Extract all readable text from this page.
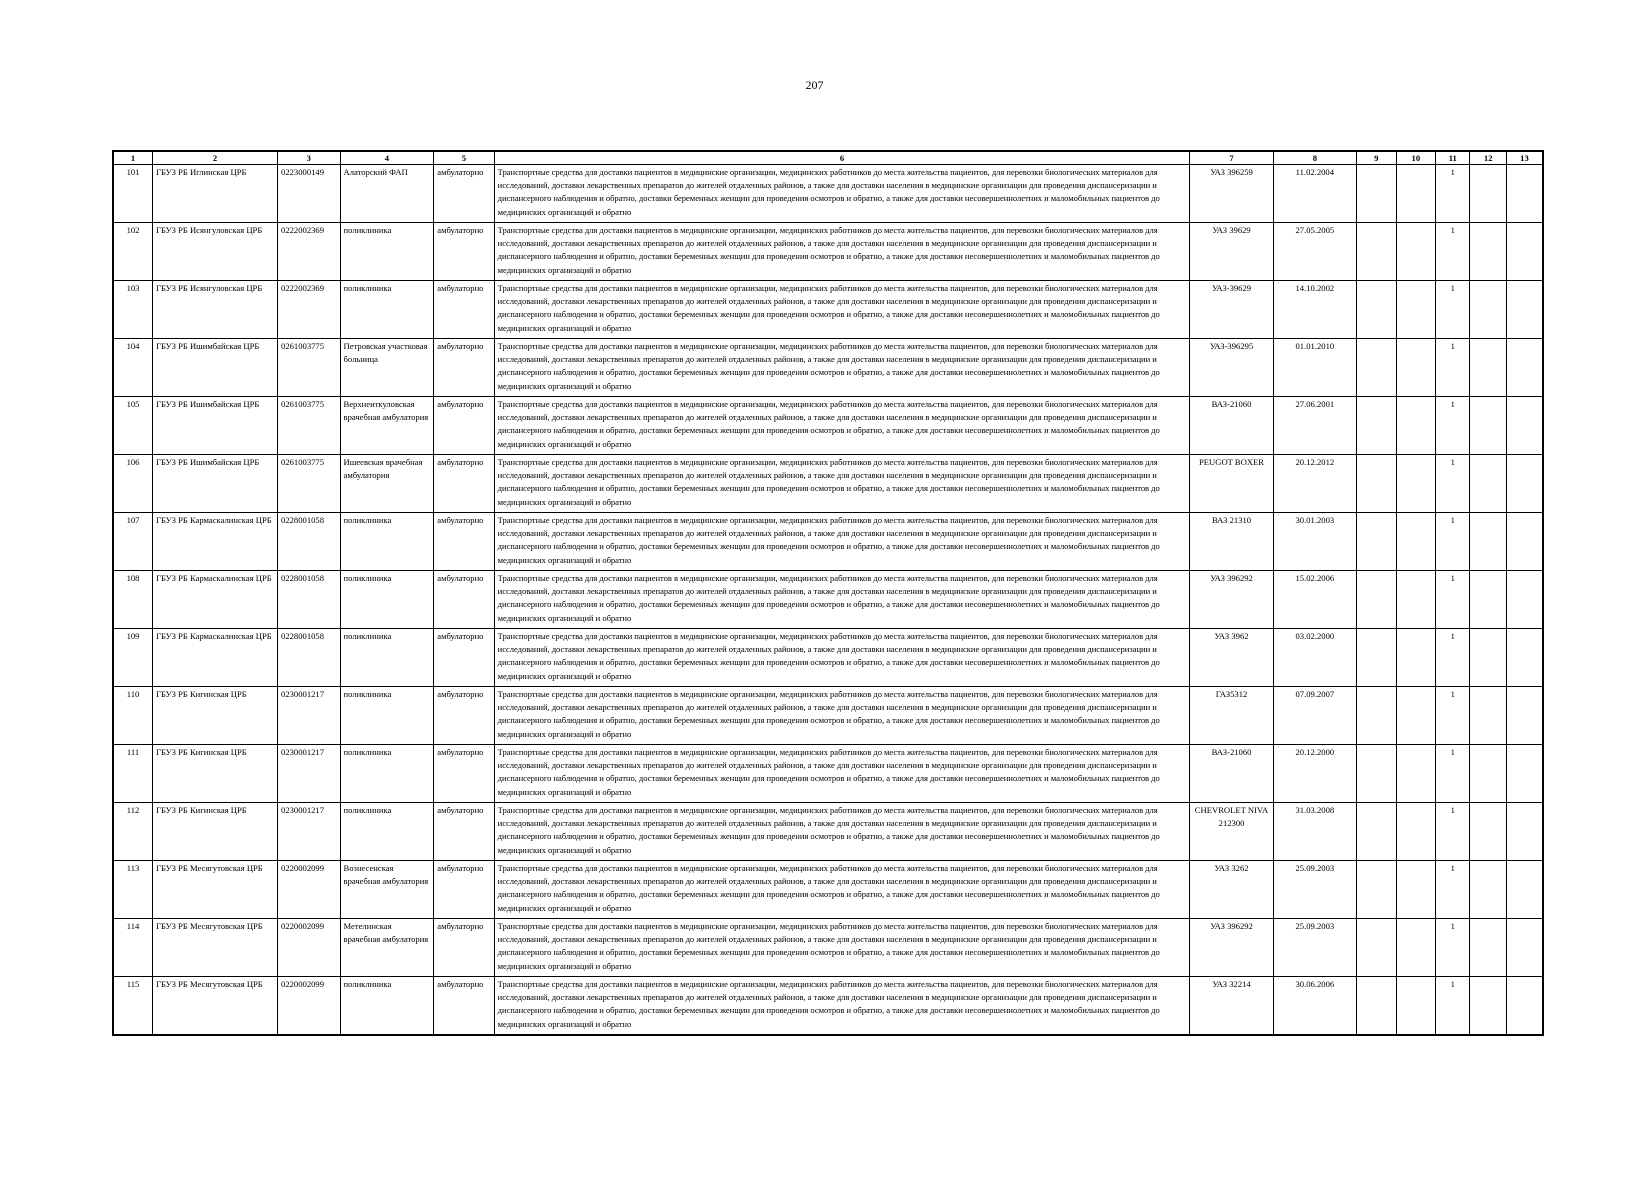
207
1	2	3	4	5	6	7	8	9	10	11	12	13
101	ГБУЗ РБ Иглинская ЦРБ	0223000149	Алаторский ФАП	амбулаторно	Транспортные средства для доставки пациентов в медицинские организации, медицинских работников до места жительства пациентов, для перевозки биологических материалов для исследований, доставки лекарственных препаратов до жителей отдаленных районов, а также для доставки населения в медицинские организации для проведения диспансеризации и диспансерного наблюдения и обратно, доставки беременных женщин для проведения осмотров и обратно, а также для доставки несовершеннолетних и маломобильных пациентов до медицинских организаций и обратно	УАЗ 396259	11.02.2004			1		
102	ГБУЗ РБ Исянгуловская ЦРБ	0222002369	поликлиника	амбулаторно	Транспортные средства для доставки пациентов в медицинские организации, медицинских работников до места жительства пациентов, для перевозки биологических материалов для исследований, доставки лекарственных препаратов до жителей отдаленных районов, а также для доставки населения в медицинские организации для проведения диспансеризации и диспансерного наблюдения и обратно, доставки беременных женщин для проведения осмотров и обратно, а также для доставки несовершеннолетних и маломобильных пациентов до медицинских организаций и обратно	УАЗ 39629	27.05.2005			1		
103	ГБУЗ РБ Исянгуловская ЦРБ	0222002369	поликлиника	амбулаторно	Транспортные средства для доставки пациентов в медицинские организации, медицинских работников до места жительства пациентов, для перевозки биологических материалов для исследований, доставки лекарственных препаратов до жителей отдаленных районов, а также для доставки населения в медицинские организации для проведения диспансеризации и диспансерного наблюдения и обратно, доставки беременных женщин для проведения осмотров и обратно, а также для доставки несовершеннолетних и маломобильных пациентов до медицинских организаций и обратно	УАЗ-39629	14.10.2002			1		
104	ГБУЗ РБ Ишимбайская ЦРБ	0261003775	Петровская участковая больница	амбулаторно	Транспортные средства для доставки пациентов в медицинские организации, медицинских работников до места жительства пациентов, для перевозки биологических материалов для исследований, доставки лекарственных препаратов до жителей отдаленных районов, а также для доставки населения в медицинские организации для проведения диспансеризации и диспансерного наблюдения и обратно, доставки беременных женщин для проведения осмотров и обратно, а также для доставки несовершеннолетних и маломобильных пациентов до медицинских организаций и обратно	УАЗ-396295	01.01.2010			1		
105	ГБУЗ РБ Ишимбайская ЦРБ	0261003775	Верхнеиткуловская врачебная амбулатория	амбулаторно	Транспортные средства для доставки пациентов в медицинские организации, медицинских работников до места жительства пациентов, для перевозки биологических материалов для исследований, доставки лекарственных препаратов до жителей отдаленных районов, а также для доставки населения в медицинские организации для проведения диспансеризации и диспансерного наблюдения и обратно, доставки беременных женщин для проведения осмотров и обратно, а также для доставки несовершеннолетних и маломобильных пациентов до медицинских организаций и обратно	ВАЗ-21060	27.06.2001			1		
106	ГБУЗ РБ Ишимбайская ЦРБ	0261003775	Ишеевская врачебная амбулатория	амбулаторно	Транспортные средства для доставки пациентов в медицинские организации, медицинских работников до места жительства пациентов, для перевозки биологических материалов для исследований, доставки лекарственных препаратов до жителей отдаленных районов, а также для доставки населения в медицинские организации для проведения диспансеризации и диспансерного наблюдения и обратно, доставки беременных женщин для проведения осмотров и обратно, а также для доставки несовершеннолетних и маломобильных пациентов до медицинских организаций и обратно	PEUGOT BOXER	20.12.2012			1		
107	ГБУЗ РБ Кармаскалинская ЦРБ	0228001058	поликлиника	амбулаторно	Транспортные средства для доставки пациентов в медицинские организации, медицинских работников до места жительства пациентов, для перевозки биологических материалов для исследований, доставки лекарственных препаратов до жителей отдаленных районов, а также для доставки населения в медицинские организации для проведения диспансеризации и диспансерного наблюдения и обратно, доставки беременных женщин для проведения осмотров и обратно, а также для доставки несовершеннолетних и маломобильных пациентов до медицинских организаций и обратно	ВАЗ 21310	30.01.2003			1		
108	ГБУЗ РБ Кармаскалинская ЦРБ	0228001058	поликлиника	амбулаторно	Транспортные средства для доставки пациентов в медицинские организации, медицинских работников до места жительства пациентов, для перевозки биологических материалов для исследований, доставки лекарственных препаратов до жителей отдаленных районов, а также для доставки населения в медицинские организации для проведения диспансеризации и диспансерного наблюдения и обратно, доставки беременных женщин для проведения осмотров и обратно, а также для доставки несовершеннолетних и маломобильных пациентов до медицинских организаций и обратно	УАЗ 396292	15.02.2006			1		
109	ГБУЗ РБ Кармаскалинская ЦРБ	0228001058	поликлиника	амбулаторно	Транспортные средства для доставки пациентов в медицинские организации, медицинских работников до места жительства пациентов, для перевозки биологических материалов для исследований, доставки лекарственных препаратов до жителей отдаленных районов, а также для доставки населения в медицинские организации для проведения диспансеризации и диспансерного наблюдения и обратно, доставки беременных женщин для проведения осмотров и обратно, а также для доставки несовершеннолетних и маломобильных пациентов до медицинских организаций и обратно	УАЗ 3962	03.02.2000			1		
110	ГБУЗ РБ Кигинская ЦРБ	0230001217	поликлиника	амбулаторно	Транспортные средства для доставки пациентов в медицинские организации, медицинских работников до места жительства пациентов, для перевозки биологических материалов для исследований, доставки лекарственных препаратов до жителей отдаленных районов, а также для доставки населения в медицинские организации для проведения диспансеризации и диспансерного наблюдения и обратно, доставки беременных женщин для проведения осмотров и обратно, а также для доставки несовершеннолетних и маломобильных пациентов до медицинских организаций и обратно	ГАЗ5312	07.09.2007			1		
111	ГБУЗ РБ Кигинская ЦРБ	0230001217	поликлиника	амбулаторно	Транспортные средства для доставки пациентов в медицинские организации, медицинских работников до места жительства пациентов, для перевозки биологических материалов для исследований, доставки лекарственных препаратов до жителей отдаленных районов, а также для доставки населения в медицинские организации для проведения диспансеризации и диспансерного наблюдения и обратно, доставки беременных женщин для проведения осмотров и обратно, а также для доставки несовершеннолетних и маломобильных пациентов до медицинских организаций и обратно	ВАЗ-21060	20.12.2000			1		
112	ГБУЗ РБ Кигинская ЦРБ	0230001217	поликлиника	амбулаторно	Транспортные средства для доставки пациентов в медицинские организации, медицинских работников до места жительства пациентов, для перевозки биологических материалов для исследований, доставки лекарственных препаратов до жителей отдаленных районов, а также для доставки населения в медицинские организации для проведения диспансеризации и диспансерного наблюдения и обратно, доставки беременных женщин для проведения осмотров и обратно, а также для доставки несовершеннолетних и маломобильных пациентов до медицинских организаций и обратно	CHEVROLET NIVA 212300	31.03.2008			1		
113	ГБУЗ РБ Месягутовская ЦРБ	0220002099	Вознесенская врачебная амбулатория	амбулаторно	Транспортные средства для доставки пациентов в медицинские организации, медицинских работников до места жительства пациентов, для перевозки биологических материалов для исследований, доставки лекарственных препаратов до жителей отдаленных районов, а также для доставки населения в медицинские организации для проведения диспансеризации и диспансерного наблюдения и обратно, доставки беременных женщин для проведения осмотров и обратно, а также для доставки несовершеннолетних и маломобильных пациентов до медицинских организаций и обратно	УАЗ 3262	25.09.2003			1		
114	ГБУЗ РБ Месягутовская ЦРБ	0220002099	Метелинская врачебная амбулатория	амбулаторно	Транспортные средства для доставки пациентов в медицинские организации, медицинских работников до места жительства пациентов, для перевозки биологических материалов для исследований, доставки лекарственных препаратов до жителей отдаленных районов, а также для доставки населения в медицинские организации для проведения диспансеризации и диспансерного наблюдения и обратно, доставки беременных женщин для проведения осмотров и обратно, а также для доставки несовершеннолетних и маломобильных пациентов до медицинских организаций и обратно	УАЗ 396292	25.09.2003			1		
115	ГБУЗ РБ Месягутовская ЦРБ	0220002099	поликлиника	амбулаторно	Транспортные средства для доставки пациентов в медицинские организации, медицинских работников до места жительства пациентов, для перевозки биологических материалов для исследований, доставки лекарственных препаратов до жителей отдаленных районов, а также для доставки населения в медицинские организации для проведения диспансеризации и диспансерного наблюдения и обратно, доставки беременных женщин для проведения осмотров и обратно, а также для доставки несовершеннолетних и маломобильных пациентов до медицинских организаций и обратно	УАЗ 32214	30.06.2006			1		
